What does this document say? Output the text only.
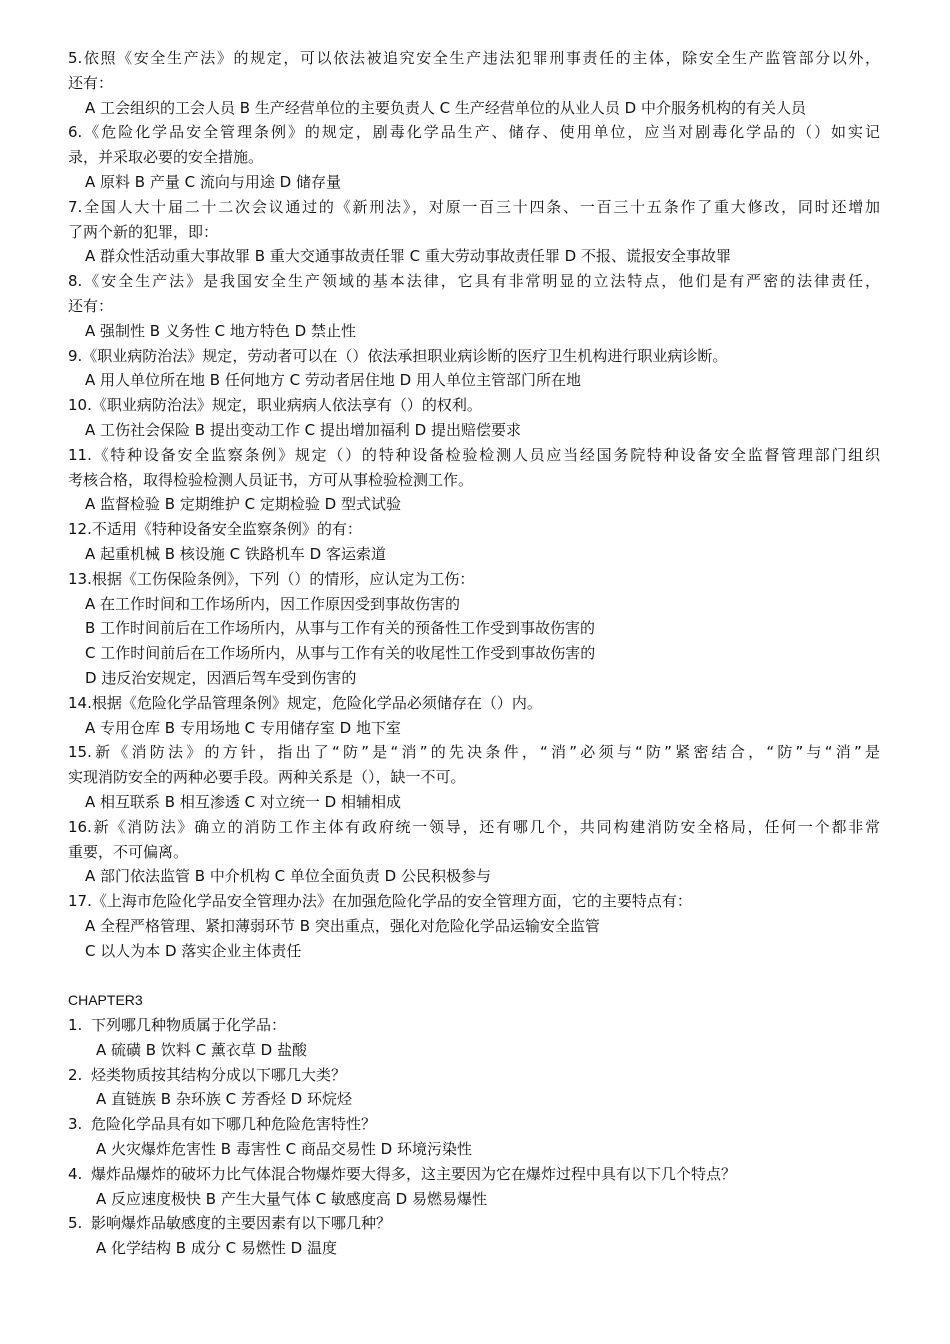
5.依照《安全生产法》的规定，可以依法被追究安全生产违法犯罪刑事责任的主体，除安全生产监管部分以外，
还有：
A 工会组织的工会人员 B 生产经营单位的主要负责人 C 生产经营单位的从业人员 D 中介服务机构的有关人员
6.《危险化学品安全管理条例》的规定，剧毒化学品生产、储存、使用单位，应当对剧毒化学品的（）如实记
录，并采取必要的安全措施。
A 原料 B 产量 C 流向与用途 D 储存量
7.全国人大十届二十二次会议通过的《新刑法》，对原一百三十四条、一百三十五条作了重大修改，同时还增加
了两个新的犯罪，即：
A 群众性活动重大事故罪 B 重大交通事故责任罪 C 重大劳动事故责任罪 D 不报、谎报安全事故罪
8.《安全生产法》是我国安全生产领域的基本法律，它具有非常明显的立法特点，他们是有严密的法律责任，
还有：
A 强制性 B 义务性 C 地方特色 D 禁止性
9.《职业病防治法》规定，劳动者可以在（）依法承担职业病诊断的医疗卫生机构进行职业病诊断。
A 用人单位所在地 B 任何地方 C 劳动者居住地 D 用人单位主管部门所在地
10.《职业病防治法》规定，职业病病人依法享有（）的权利。
A 工伤社会保险 B 提出变动工作 C 提出增加福利 D 提出赔偿要求
11.《特种设备安全监察条例》规定（）的特种设备检验检测人员应当经国务院特种设备安全监督管理部门组织
考核合格，取得检验检测人员证书，方可从事检验检测工作。
A 监督检验 B 定期维护 C 定期检验 D 型式试验
12.不适用《特种设备安全监察条例》的有：
A 起重机械 B 核设施 C 铁路机车 D 客运索道
13.根据《工伤保险条例》，下列（）的情形，应认定为工伤：
A 在工作时间和工作场所内，因工作原因受到事故伤害的
B 工作时间前后在工作场所内，从事与工作有关的预备性工作受到事故伤害的
C 工作时间前后在工作场所内，从事与工作有关的收尾性工作受到事故伤害的
D 违反治安规定，因酒后驾车受到伤害的
14.根据《危险化学品管理条例》规定，危险化学品必须储存在（）内。
A 专用仓库 B 专用场地 C 专用储存室 D 地下室
15.新《消防法》的方针，指出了“防”是“消”的先决条件，“消”必须与“防”紧密结合，“防”与“消”是
实现消防安全的两种必要手段。两种关系是（），缺一不可。
A 相互联系 B 相互渗透 C 对立统一 D 相辅相成
16.新《消防法》确立的消防工作主体有政府统一领导，还有哪几个，共同构建消防安全格局，任何一个都非常
重要，不可偏离。
A 部门依法监管 B 中介机构 C 单位全面负责 D 公民积极参与
17.《上海市危险化学品安全管理办法》在加强危险化学品的安全管理方面，它的主要特点有：
A 全程严格管理、紧扣薄弱环节 B 突出重点，强化对危险化学品运输安全监管
C 以人为本 D 落实企业主体责任
CHAPTER3
1. 下列哪几种物质属于化学品：
A 硫磺 B 饮料 C 薰衣草 D 盐酸
2. 烃类物质按其结构分成以下哪几大类？
A 直链族 B 杂环族 C 芳香烃 D 环烷烃
3. 危险化学品具有如下哪几种危险危害特性？
A 火灾爆炸危害性 B 毒害性 C 商品交易性 D 环境污染性
4. 爆炸品爆炸的破坏力比气体混合物爆炸要大得多，这主要因为它在爆炸过程中具有以下几个特点？
A 反应速度极快 B 产生大量气体 C 敏感度高 D 易燃易爆性
5. 影响爆炸品敏感度的主要因素有以下哪几种？
A 化学结构 B 成分 C 易燃性 D 温度
